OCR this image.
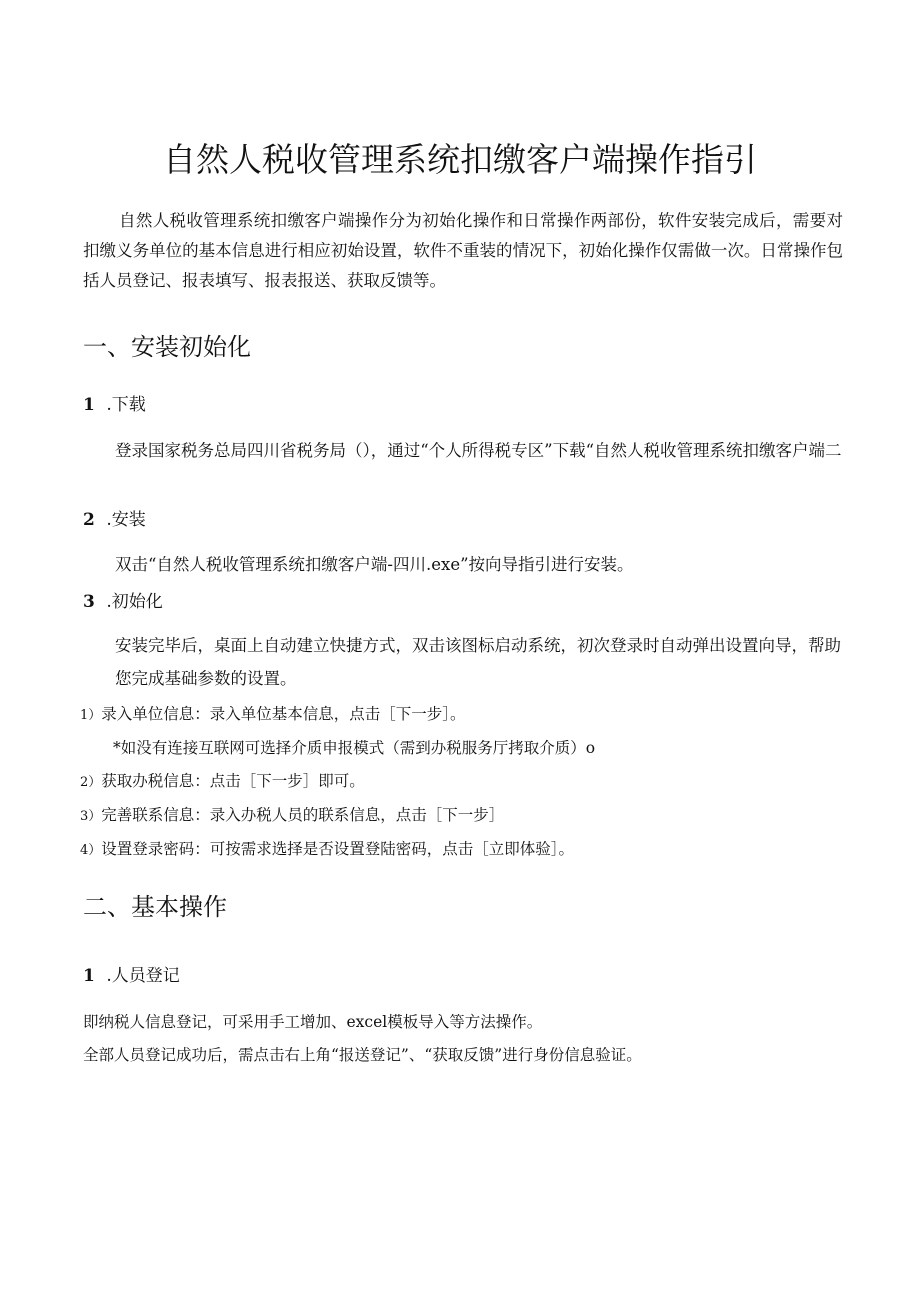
自然人税收管理系统扣缴客户端操作指引
自然人税收管理系统扣缴客户端操作分为初始化操作和日常操作两部份，软件安装完成后，需要对扣缴义务单位的基本信息进行相应初始设置，软件不重装的情况下，初始化操作仅需做一次。日常操作包括人员登记、报表填写、报表报送、获取反馈等。
一、安装初始化
1 .下载
登录国家税务总局四川省税务局（），通过“个人所得税专区”下载“自然人税收管理系统扣缴客户端二
2 .安装
双击“自然人税收管理系统扣缴客户端-四川.exe”按向导指引进行安装。
3 .初始化
安装完毕后，桌面上自动建立快捷方式，双击该图标启动系统，初次登录时自动弹出设置向导，帮助您完成基础参数的设置。
1）录入单位信息：录入单位基本信息，点击［下一步］。
*如没有连接互联网可选择介质申报模式（需到办税服务厅拷取介质）o
2）获取办税信息：点击［下一步］即可。
3）完善联系信息：录入办税人员的联系信息，点击［下一步］
4）设置登录密码：可按需求选择是否设置登陆密码，点击［立即体验］。
二、基本操作
1 .人员登记
即纳税人信息登记，可采用手工增加、excel模板导入等方法操作。
全部人员登记成功后，需点击右上角“报送登记”、“获取反馈”进行身份信息验证。
